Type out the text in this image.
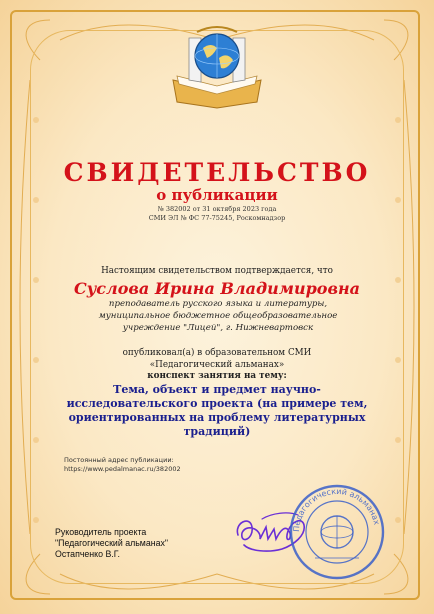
СВИДЕТЕЛЬСТВО
о публикации
№ 382002 от 31 октября 2023 года
СМИ ЭЛ № ФС 77-75245, Роскомнадзор
Настоящим свидетельством подтверждается, что
Суслова Ирина Владимировна
преподаватель русского языка и литературы, муниципальное бюджетное общеобразовательное учреждение "Лицей", г. Нижневартовск
опубликовал(а) в образовательном СМИ
«Педагогический альманах»
конспект занятия на тему:
Тема, объект и предмет научно-исследовательского проекта (на примере тем, ориентированных на проблему литературных традиций)
Постоянный адрес публикации:
https://www.pedalmanac.ru/382002
Руководитель проекта
"Педагогический альманах"
Остапченко В.Г.
Педагогический альманах
